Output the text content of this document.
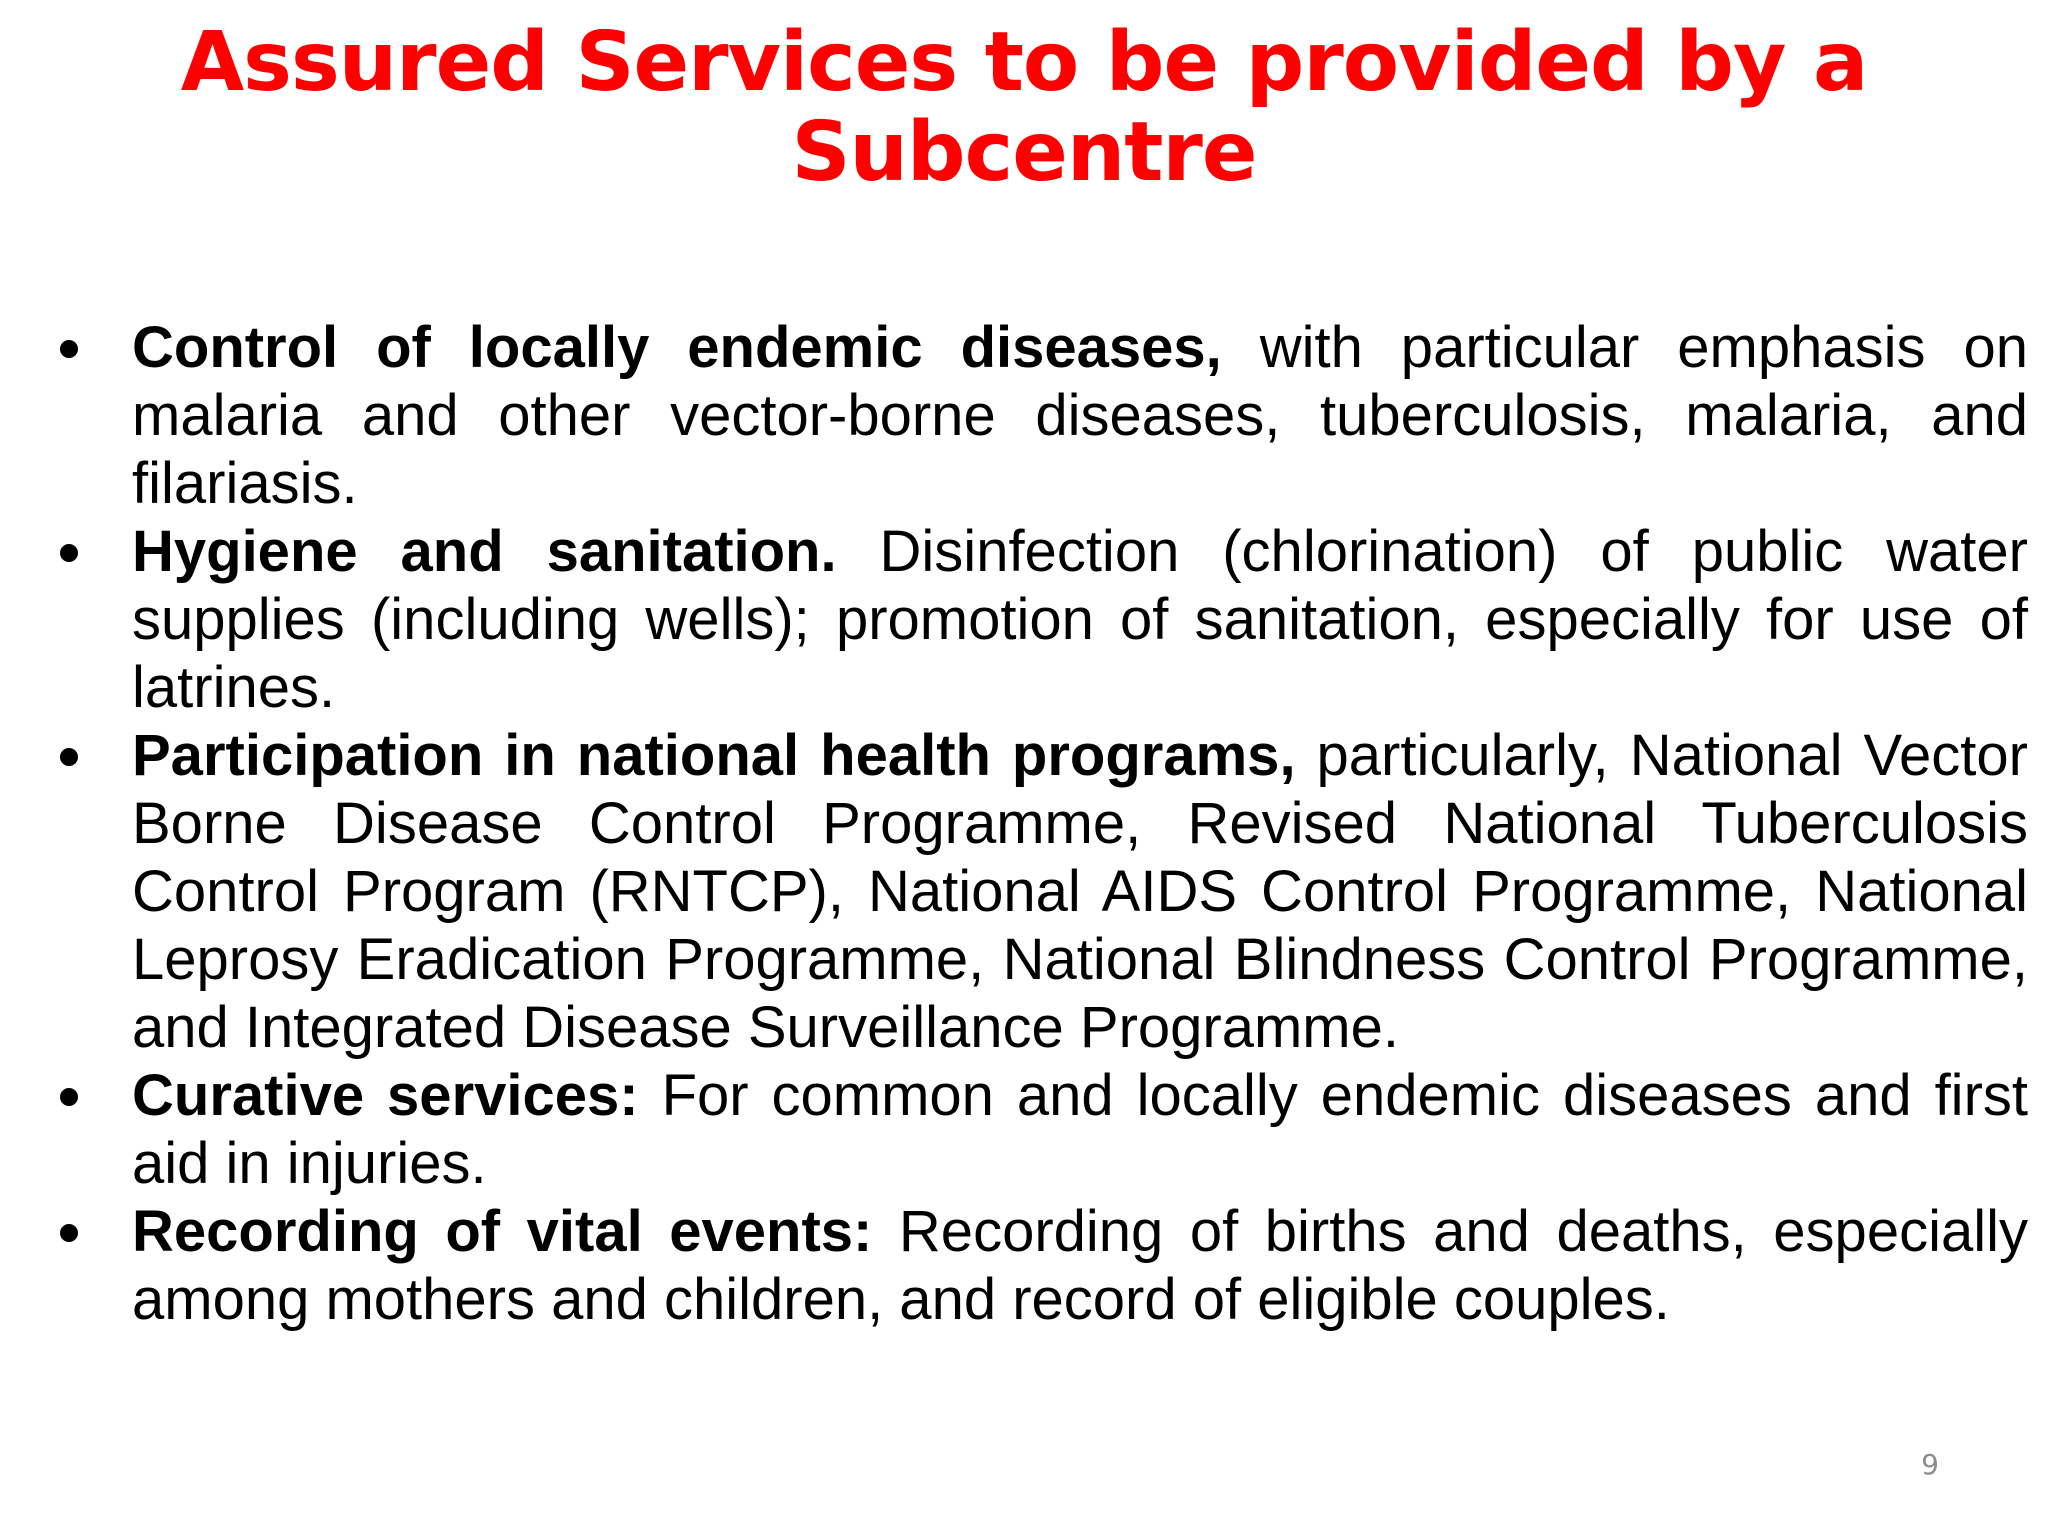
Assured Services to be provided by a Subcentre
Control of locally endemic diseases, with particular emphasis on malaria and other vector-borne diseases, tuberculosis, malaria, and filariasis.
Hygiene and sanitation. Disinfection (chlorination) of public water supplies (including wells); promotion of sanitation, especially for use of latrines.
Participation in national health programs, particularly, National Vector Borne Disease Control Programme, Revised National Tuberculosis Control Program (RNTCP), National AIDS Control Programme, National Leprosy Eradication Programme, National Blindness Control Programme, and Integrated Disease Surveillance Programme.
Curative services: For common and locally endemic diseases and first aid in injuries.
Recording of vital events: Recording of births and deaths, especially among mothers and children, and record of eligible couples.
9
